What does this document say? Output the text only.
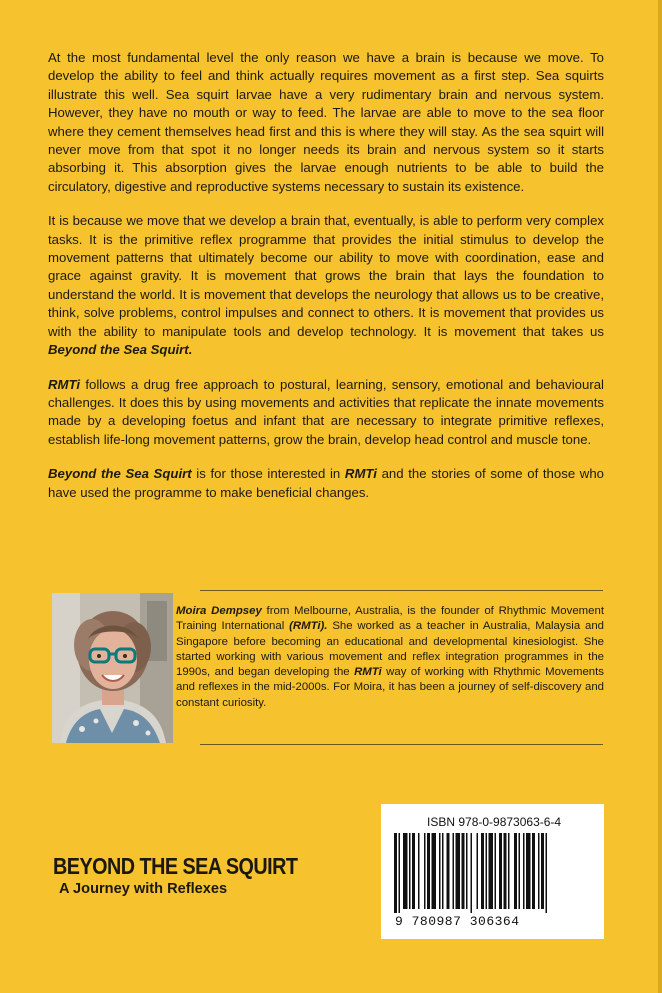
At the most fundamental level the only reason we have a brain is because we move. To develop the ability to feel and think actually requires movement as a first step. Sea squirts illustrate this well. Sea squirt larvae have a very rudimentary brain and nervous system. However, they have no mouth or way to feed. The larvae are able to move to the sea floor where they cement themselves head first and this is where they will stay. As the sea squirt will never move from that spot it no longer needs its brain and nervous system so it starts absorbing it. This absorption gives the larvae enough nutrients to be able to build the circulatory, digestive and reproductive systems necessary to sustain its existence.

It is because we move that we develop a brain that, eventually, is able to perform very complex tasks. It is the primitive reflex programme that provides the initial stimulus to develop the movement patterns that ultimately become our ability to move with coordination, ease and grace against gravity. It is movement that grows the brain that lays the foundation to understand the world. It is movement that develops the neurology that allows us to be creative, think, solve problems, control impulses and connect to others. It is movement that provides us with the ability to manipulate tools and develop technology. It is movement that takes us Beyond the Sea Squirt.

RMTi follows a drug free approach to postural, learning, sensory, emotional and behavioural challenges. It does this by using movements and activities that replicate the innate movements made by a developing foetus and infant that are necessary to integrate primitive reflexes, establish life-long movement patterns, grow the brain, develop head control and muscle tone.

Beyond the Sea Squirt is for those interested in RMTi and the stories of some of those who have used the programme to make beneficial changes.

Moira Dempsey from Melbourne, Australia, is the founder of Rhythmic Movement Training International (RMTi). She worked as a teacher in Australia, Malaysia and Singapore before becoming an educational and developmental kinesiologist. She started working with various movement and reflex integration programmes in the 1990s, and began developing the RMTi way of working with Rhythmic Movements and reflexes in the mid-2000s. For Moira, it has been a journey of self-discovery and constant curiosity.

BEYOND THE SEA SQUIRT
A Journey with Reflexes
ISBN 978-0-9873063-6-4
9 780987 306364
